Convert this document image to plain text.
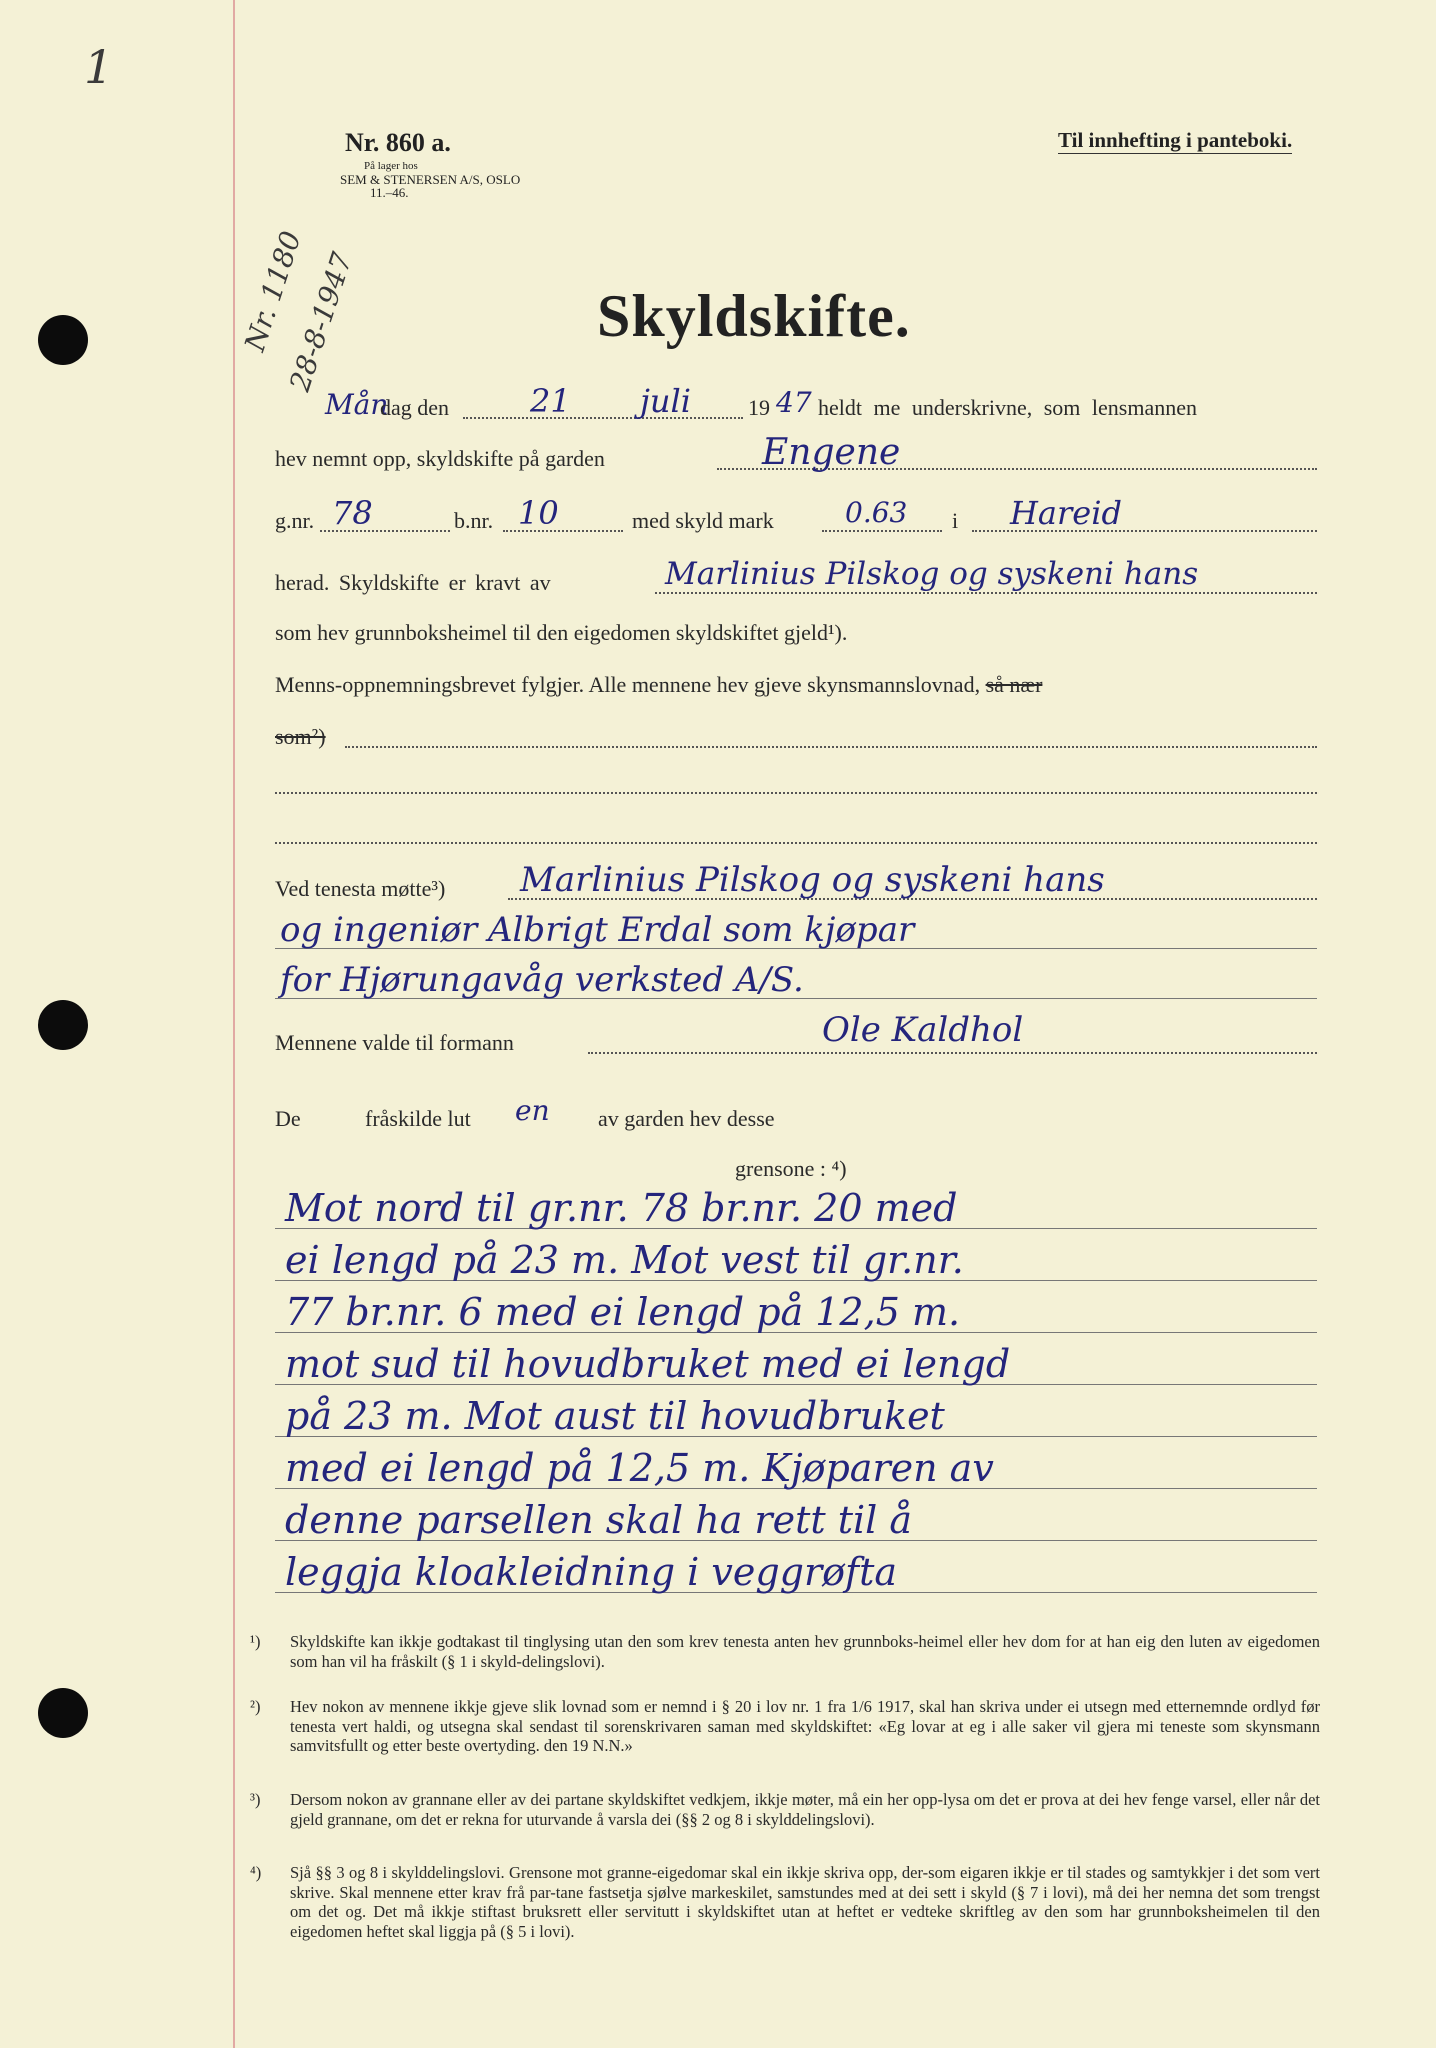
1
Nr. 860 a.
På lager hos
SEM & STENERSEN A/S, OSLO
11.–46.
Til innhefting i panteboki.
Nr. 1180
28-8-1947	Skyldskifte.
Mån
dag den	21 juli	19 47 heldt me underskrivne, som lensmannen
hev nemnt opp, skyldskifte på garden	Engene
g.nr. 78	b.nr. 10	med skyld mark	0.63 i Hareid
herad. Skyldskifte er kravt av	Marlinius Pilskog og syskeni hans
som hev grunnboksheimel til den eigedomen skyldskiftet gjeld¹).
Menns-oppnemningsbrevet fylgjer. Alle mennene hev gjeve skynsmannslovnad, så nær
som²)
Ved tenesta møtte³) Marlinius Pilskog og syskeni hans
og ingeniør Albrigt Erdal som kjøpar
for Hjørungavåg verksted A/S.
Mennene valde til formann	Ole Kaldhol
De	fråskilde lut en av garden hev desse
grensone : ⁴)
Mot nord til gr.nr. 78 br.nr. 20 med
ei lengd på 23 m. Mot vest til gr.nr.
77 br.nr. 6 med ei lengd på 12,5 m.
mot sud til hovudbruket med ei lengd
på 23 m. Mot aust til hovudbruket
med ei lengd på 12,5 m. Kjøparen av
denne parsellen skal ha rett til å
leggja kloakleidning i veggrøfta
¹) Skyldskifte kan ikkje godtakast til tinglysing utan den som krev tenesta anten hev grunnboks-heimel eller hev dom for at han eig den luten av eigedomen som han vil ha fråskilt (§ 1 i skyld-delingslovi).
²) Hev nokon av mennene ikkje gjeve slik lovnad som er nemnd i § 20 i lov nr. 1 fra 1/6 1917, skal han skriva under ei utsegn med etternemnde ordlyd før tenesta vert haldi, og utsegna skal sendast til sorenskrivaren saman med skyldskiftet: «Eg lovar at eg i alle saker vil gjera mi teneste som skynsmann samvitsfullt og etter beste overtyding. den 19 N.N.»
³) Dersom nokon av grannane eller av dei partane skyldskiftet vedkjem, ikkje møter, må ein her opp-lysa om det er prova at dei hev fenge varsel, eller når det gjeld grannane, om det er rekna for uturvande å varsla dei (§§ 2 og 8 i skylddelingslovi).
⁴) Sjå §§ 3 og 8 i skylddelingslovi. Grensone mot granne-eigedomar skal ein ikkje skriva opp, der-som eigaren ikkje er til stades og samtykkjer i det som vert skrive. Skal mennene etter krav frå par-tane fastsetja sjølve markeskilet, samstundes med at dei sett i skyld (§ 7 i lovi), må dei her nemna det som trengst om det og. Det må ikkje stiftast bruksrett eller servitutt i skyldskiftet utan at heftet er vedteke skriftleg av den som har grunnboksheimelen til den eigedomen heftet skal liggja på (§ 5 i lovi).
